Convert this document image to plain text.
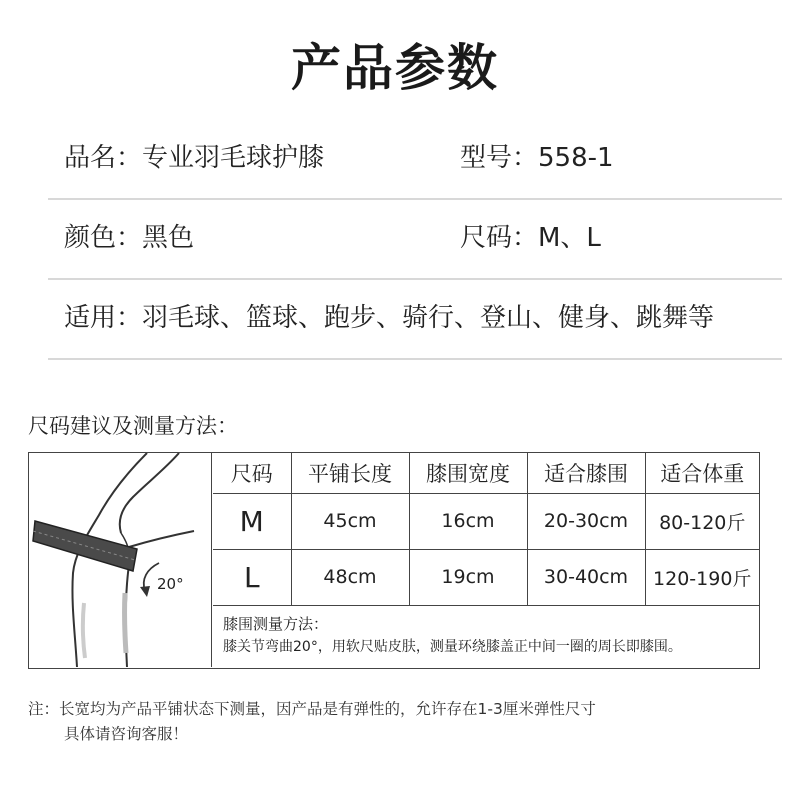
产品参数
品名：专业羽毛球护膝	型号：558-1
颜色：黑色	尺码：M、L
适用：羽毛球、篮球、跑步、骑行、登山、健身、跳舞等
尺码建议及测量方法：
20°
尺码	平铺长度	膝围宽度	适合膝围	适合体重
M	45cm	16cm	20-30cm	80-120斤
L	48cm	19cm	30-40cm	120-190斤
膝围测量方法：
膝关节弯曲20°，用软尺贴皮肤，测量环绕膝盖正中间一圈的周长即膝围。
注：长宽均为产品平铺状态下测量，因产品是有弹性的，允许存在1-3厘米弹性尺寸
具体请咨询客服！
